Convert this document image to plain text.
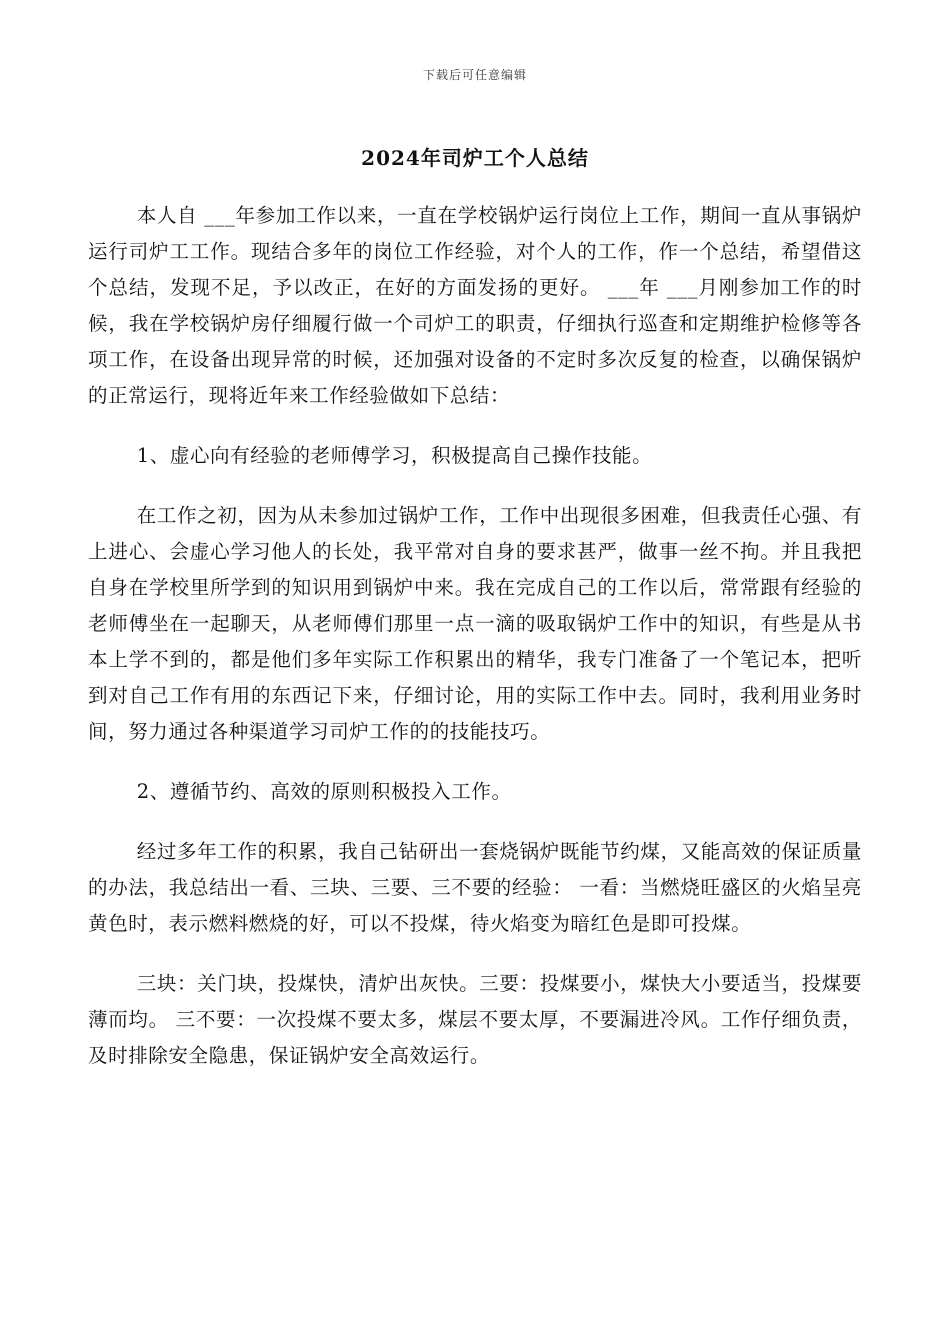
下载后可任意编辑
2024年司炉工个人总结

本人自 ___年参加工作以来，一直在学校锅炉运行岗位上工作，期间一直从事锅炉运行司炉工工作。现结合多年的岗位工作经验，对个人的工作，作一个总结，希望借这个总结，发现不足，予以改正，在好的方面发扬的更好。 ___年 ___月刚参加工作的时候，我在学校锅炉房仔细履行做一个司炉工的职责，仔细执行巡查和定期维护检修等各项工作，在设备出现异常的时候，还加强对设备的不定时多次反复的检查，以确保锅炉的正常运行，现将近年来工作经验做如下总结：

1、虚心向有经验的老师傅学习，积极提高自己操作技能。

在工作之初，因为从未参加过锅炉工作，工作中出现很多困难，但我责任心强、有上进心、会虚心学习他人的长处，我平常对自身的要求甚严，做事一丝不拘。并且我把自身在学校里所学到的知识用到锅炉中来。我在完成自己的工作以后，常常跟有经验的老师傅坐在一起聊天，从老师傅们那里一点一滴的吸取锅炉工作中的知识，有些是从书本上学不到的，都是他们多年实际工作积累出的精华，我专门准备了一个笔记本，把听到对自己工作有用的东西记下来，仔细讨论，用的实际工作中去。同时，我利用业务时间，努力通过各种渠道学习司炉工作的的技能技巧。

2、遵循节约、高效的原则积极投入工作。

经过多年工作的积累，我自己钻研出一套烧锅炉既能节约煤，又能高效的保证质量的办法，我总结出一看、三块、三要、三不要的经验： 一看：当燃烧旺盛区的火焰呈亮黄色时，表示燃料燃烧的好，可以不投煤，待火焰变为暗红色是即可投煤。

三块：关门块，投煤快，清炉出灰快。三要：投煤要小，煤快大小要适当，投煤要薄而均。 三不要：一次投煤不要太多，煤层不要太厚，不要漏进冷风。工作仔细负责，及时排除安全隐患，保证锅炉安全高效运行。
